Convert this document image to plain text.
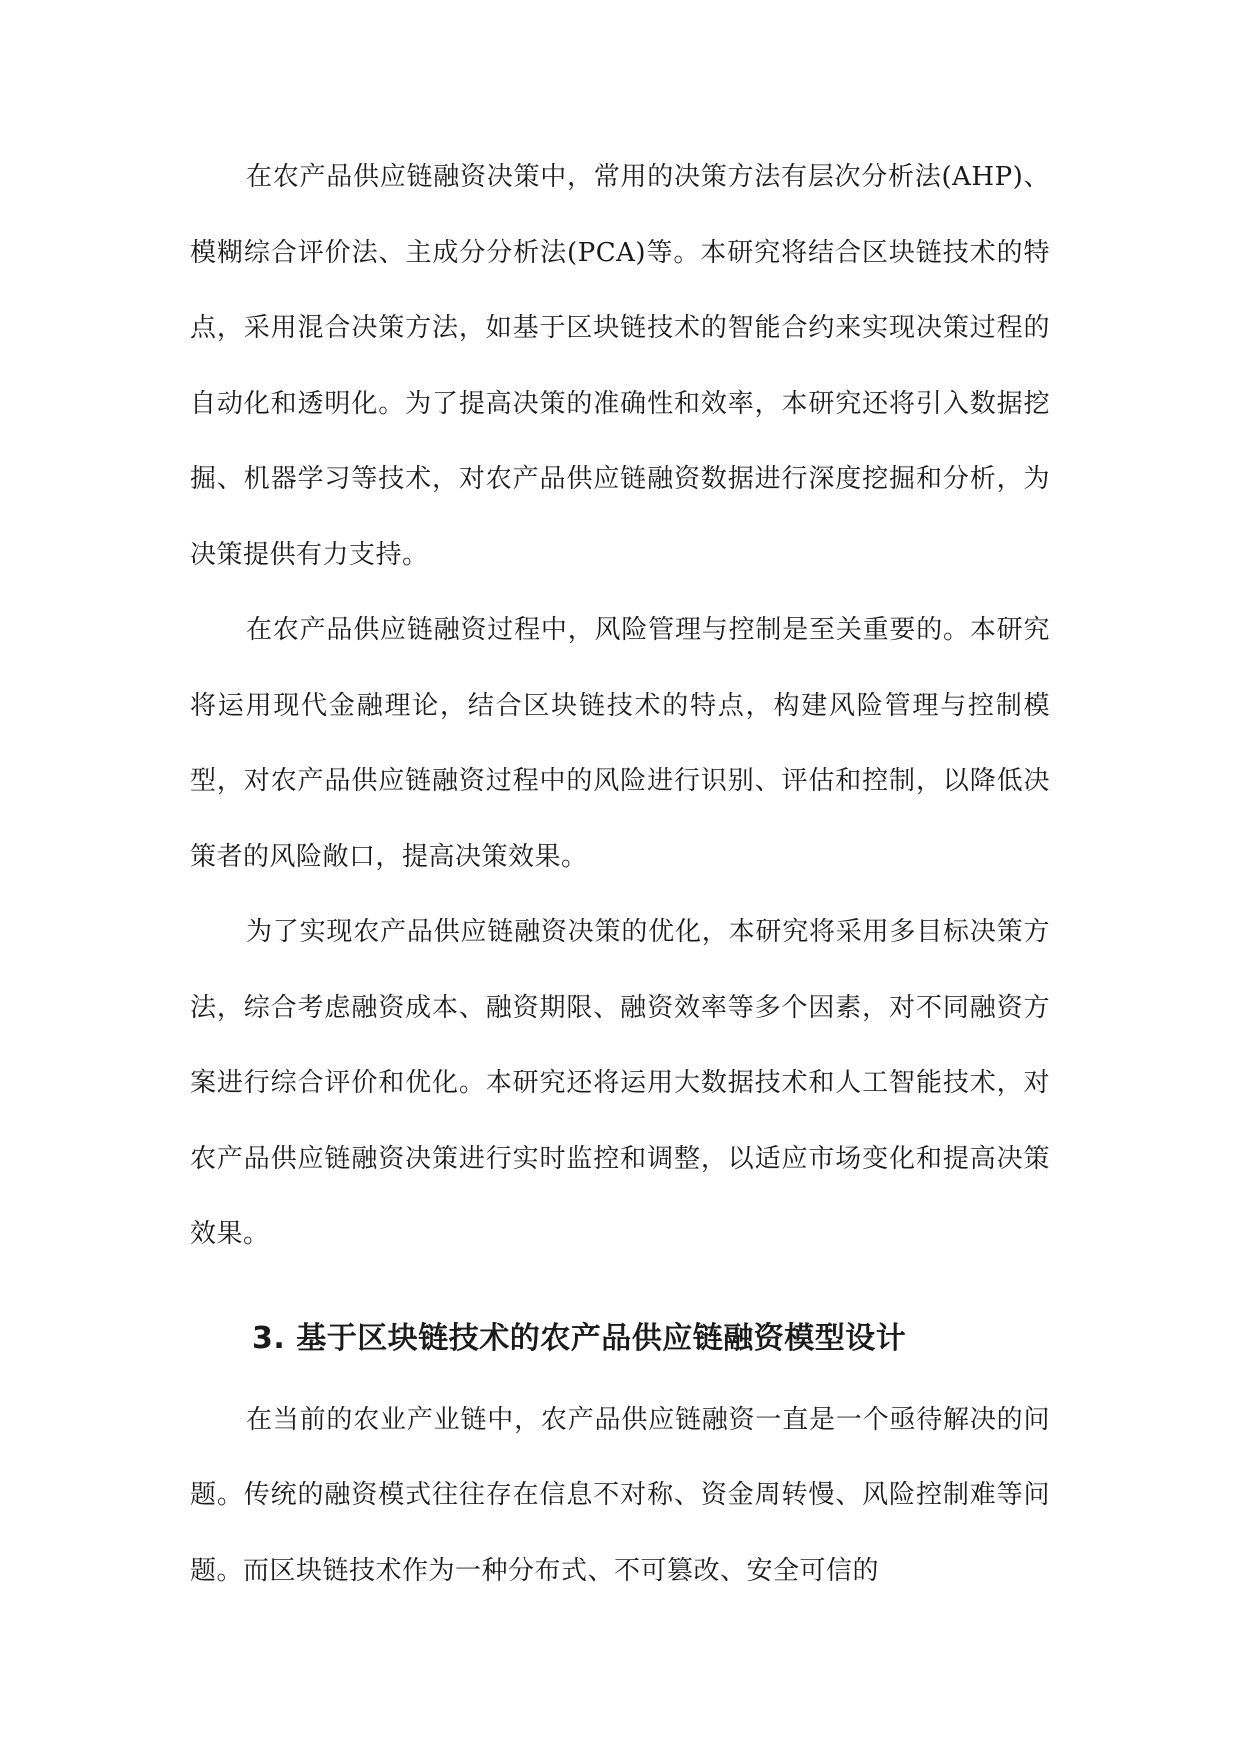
在农产品供应链融资决策中，常用的决策方法有层次分析法(AHP)、模糊综合评价法、主成分分析法(PCA)等。本研究将结合区块链技术的特点，采用混合决策方法，如基于区块链技术的智能合约来实现决策过程的自动化和透明化。为了提高决策的准确性和效率，本研究还将引入数据挖掘、机器学习等技术，对农产品供应链融资数据进行深度挖掘和分析，为决策提供有力支持。

在农产品供应链融资过程中，风险管理与控制是至关重要的。本研究将运用现代金融理论，结合区块链技术的特点，构建风险管理与控制模型，对农产品供应链融资过程中的风险进行识别、评估和控制，以降低决策者的风险敞口，提高决策效果。

为了实现农产品供应链融资决策的优化，本研究将采用多目标决策方法，综合考虑融资成本、融资期限、融资效率等多个因素，对不同融资方案进行综合评价和优化。本研究还将运用大数据技术和人工智能技术，对农产品供应链融资决策进行实时监控和调整，以适应市场变化和提高决策效果。

3. 基于区块链技术的农产品供应链融资模型设计

在当前的农业产业链中，农产品供应链融资一直是一个亟待解决的问题。传统的融资模式往往存在信息不对称、资金周转慢、风险控制难等问题。而区块链技术作为一种分布式、不可篡改、安全可信的
